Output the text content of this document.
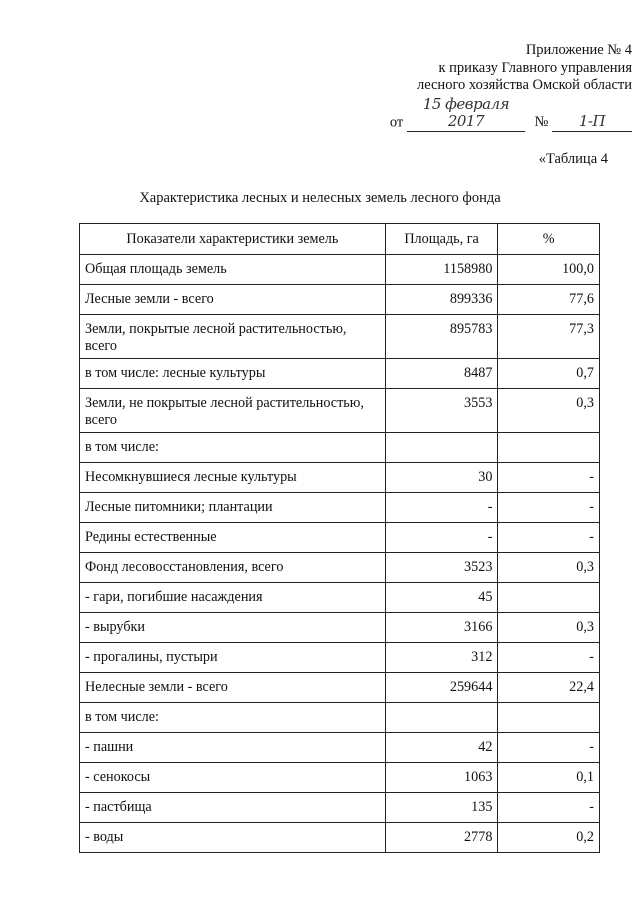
Приложение № 4
к приказу Главного управления
лесного хозяйства Омской области
от 15 февраля 2017	№ 1-П
«Таблица 4
Характеристика лесных и нелесных земель лесного фонда
Показатели характеристики земель	Площадь, га	%
Общая площадь земель	1158980	100,0
Лесные земли - всего	899336	77,6
Земли, покрытые лесной растительностью, всего	895783	77,3
в том числе: лесные культуры	8487	0,7
Земли, не покрытые лесной растительностью, всего	3553	0,3
в том числе:		
Несомкнувшиеся лесные культуры	30	-
Лесные питомники; плантации	-	-
Редины естественные	-	-
Фонд лесовосстановления, всего	3523	0,3
- гари, погибшие насаждения	45	
- вырубки	3166	0,3
- прогалины, пустыри	312	-
Нелесные земли - всего	259644	22,4
в том числе:		
- пашни	42	-
- сенокосы	1063	0,1
- пастбища	135	-
- воды	2778	0,2
